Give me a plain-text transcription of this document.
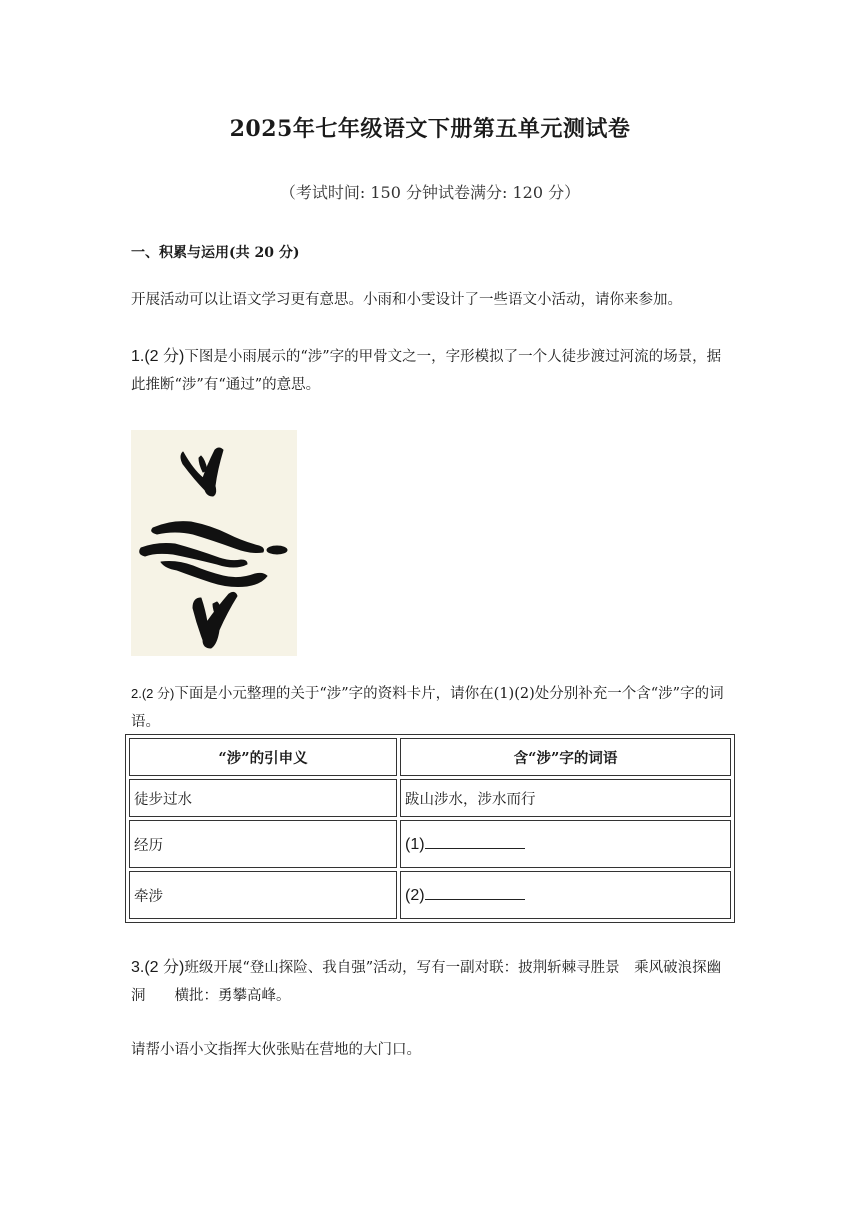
2025年七年级语文下册第五单元测试卷
（考试时间: 150 分钟试卷满分: 120 分）
一、积累与运用(共 20 分)
开展活动可以让语文学习更有意思。小雨和小雯设计了一些语文小活动，请你来参加。
1.(2 分)下图是小雨展示的“涉”字的甲骨文之一，字形模拟了一个人徒步渡过河流的场景，据此推断“涉”有“通过”的意思。
2.(2 分)下面是小元整理的关于“涉”字的资料卡片，请你在(1)(2)处分别补充一个含“涉”字的词语。
“涉”的引申义	含“涉”字的词语
徒步过水	跋山涉水，涉水而行
经历	(1)
牵涉	(2)
3.(2 分)班级开展“登山探险、我自强”活动，写有一副对联：披荆斩棘寻胜景　乘风破浪探幽洞　　横批：勇攀高峰。
请帮小语小文指挥大伙张贴在营地的大门口。
